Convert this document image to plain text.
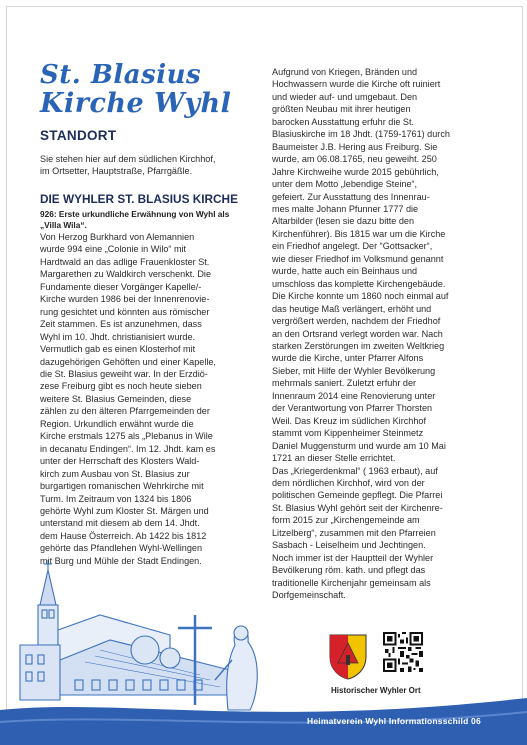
St. Blasius
Kirche Wyhl
STANDORT
Sie stehen hier auf dem südlichen Kirchhof,
im Ortsetter, Hauptstraße, Pfarrgäßle.
DIE WYHLER ST. BLASIUS KIRCHE
926: Erste urkundliche Erwähnung von Wyhl als
„Villa Wila“.
Von Herzog Burkhard von Alemannien
wurde 994 eine „Colonie in Wilo“ mit
Hardtwald an das adlige Frauenkloster St.
Margarethen zu Waldkirch verschenkt. Die
Fundamente dieser Vorgänger Kapelle/-
Kirche wurden 1986 bei der Innenrenovie-
rung gesichtet und könnten aus römischer
Zeit stammen. Es ist anzunehmen, dass
Wyhl im 10. Jhdt. christianisiert wurde.
Vermutlich gab es einen Klosterhof mit
dazugehörigen Gehöften und einer Kapelle,
die St. Blasius geweiht war. In der Erzdiö-
zese Freiburg gibt es noch heute sieben
weitere St. Blasius Gemeinden, diese
zählen zu den älteren Pfarrgemeinden der
Region. Urkundlich erwähnt wurde die
Kirche erstmals 1275 als „Plebanus in Wile
in decanatu Endingen“. Im 12. Jhdt. kam es
unter der Herrschaft des Klosters Wald-
kirch zum Ausbau von St. Blasius zur
burgartigen romanischen Wehrkirche mit
Turm. Im Zeitraum von 1324 bis 1806
gehörte Wyhl zum Kloster St. Märgen und
unterstand mit diesem ab dem 14. Jhdt.
dem Hause Österreich. Ab 1422 bis 1812
gehörte das Pfandlehen Wyhl-Wellingen
mit Burg und Mühle der Stadt Endingen.
Aufgrund von Kriegen, Bränden und
Hochwassern wurde die Kirche oft ruiniert
und wieder auf- und umgebaut. Den
größten Neubau mit ihrer heutigen
barocken Ausstattung erfuhr die St.
Blasiuskirche im 18 Jhdt. (1759-1761) durch
Baumeister J.B. Hering aus Freiburg. Sie
wurde, am 06.08.1765, neu geweiht. 250
Jahre Kirchweihe wurde 2015 gebührlich,
unter dem Motto „lebendige Steine“,
gefeiert. Zur Ausstattung des Innenrau-
mes malte Johann Pfunner 1777 die
Altarbilder (lesen sie dazu bitte den
Kirchenführer). Bis 1815 war um die Kirche
ein Friedhof angelegt. Der “Gottsacker“,
wie dieser Friedhof im Volksmund genannt
wurde, hatte auch ein Beinhaus und
umschloss das komplette Kirchengebäude.
Die Kirche konnte um 1860 noch einmal auf
das heutige Maß verlängert, erhöht und
vergrößert werden, nachdem der Friedhof
an den Ortsrand verlegt worden war. Nach
starken Zerstörungen im zweiten Weltkrieg
wurde die Kirche, unter Pfarrer Alfons
Sieber, mit Hilfe der Wyhler Bevölkerung
mehrmals saniert. Zuletzt erfuhr der
Innenraum 2014 eine Renovierung unter
der Verantwortung von Pfarrer Thorsten
Weil. Das Kreuz im südlichen Kirchhof
stammt vom Kippenheimer Steinmetz
Daniel Muggensturm und wurde am 10 Mai
1721 an dieser Stelle errichtet.
Das „Kriegerdenkmal“ ( 1963 erbaut), auf
dem nördlichen Kirchhof, wird von der
politischen Gemeinde gepflegt. Die Pfarrei
St. Blasius Wyhl gehört seit der Kirchenre-
form 2015 zur „Kirchengemeinde am
Litzelberg“, zusammen mit den Pfarreien
Sasbach - Leiselheim und Jechtingen.
Noch immer ist der Hauptteil der Wyhler
Bevölkerung röm. kath. und pflegt das
traditionelle Kirchenjahr gemeinsam als
Dorfgemeinschaft.
Historischer Wyhler Ort
Heimatverein Wyhl Informationsschild 06
